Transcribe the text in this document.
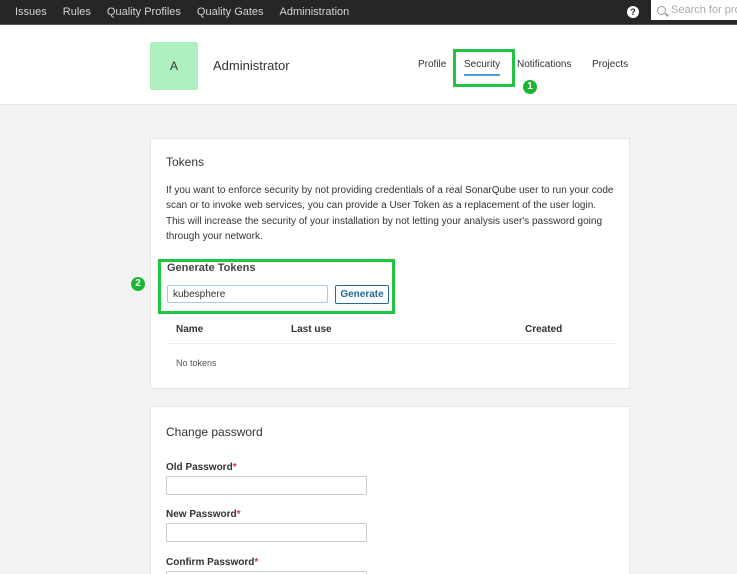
Issues Rules Quality Profiles Quality Gates Administration	?
Search for pro
A	Administrator	Profile Security Notifications Projects
1
Tokens
If you want to enforce security by not providing credentials of a real SonarQube user to run your code scan or to invoke web services, you can provide a User Token as a replacement of the user login. This will increase the security of your installation by not letting your analysis user's password going through your network.
Generate Tokens
kubesphere
Generate
Name	Last use	Created
No tokens
2
Change password
Old Password*
New Password*
Confirm Password*
